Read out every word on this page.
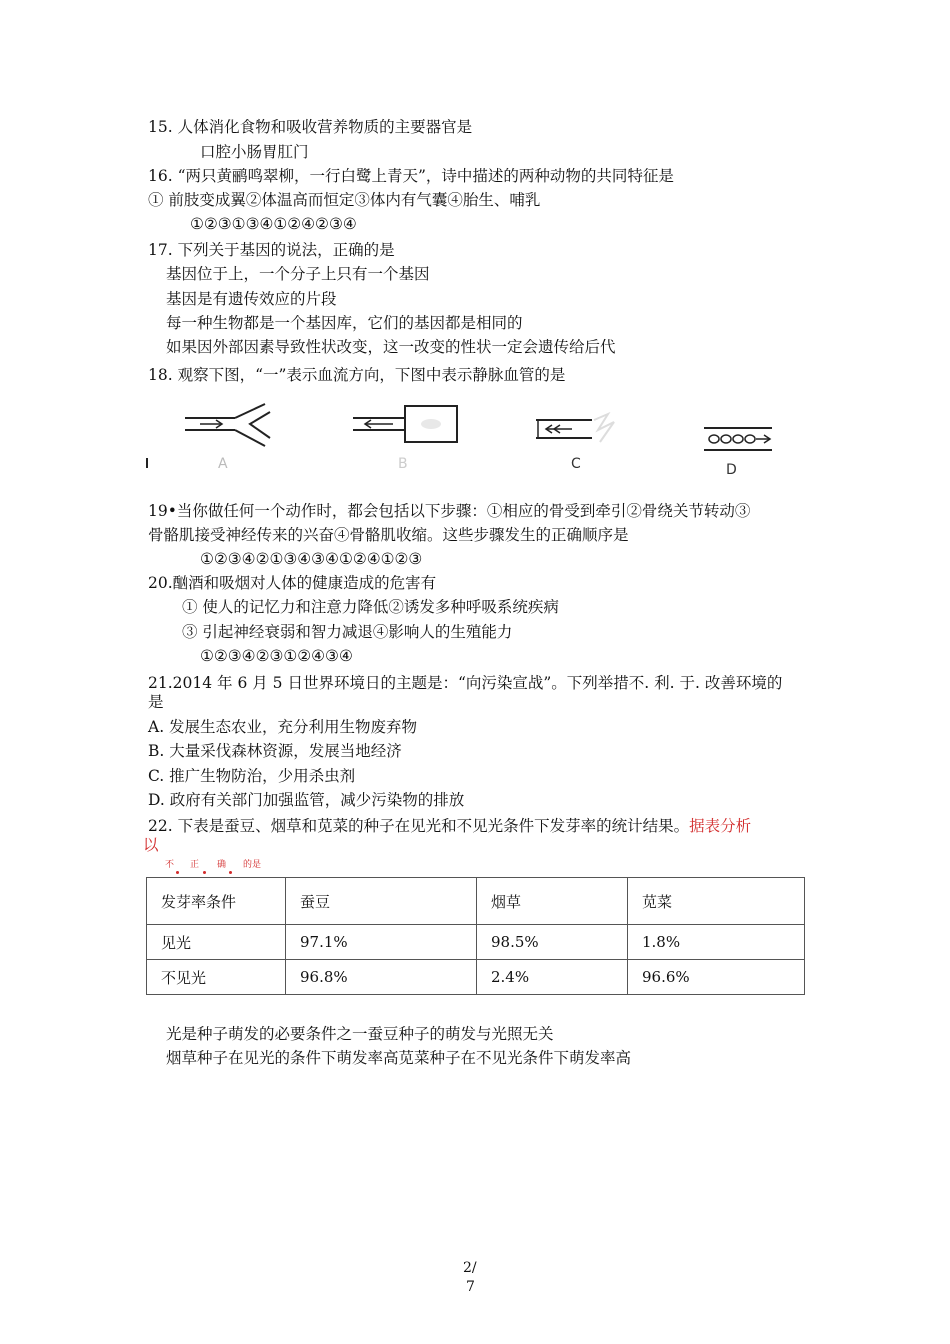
15. 人体消化食物和吸收营养物质的主要器官是
口腔小肠胃肛门
16. “两只黄鹂鸣翠柳，一行白鹭上青天”，诗中描述的两种动物的共同特征是
① 前肢变成翼②体温高而恒定③体内有气囊④胎生、哺乳
①②③①③④①②④②③④
17. 下列关于基因的说法，正确的是
基因位于上，一个分子上只有一个基因
基因是有遗传效应的片段
每一种生物都是一个基因库，它们的基因都是相同的
如果因外部因素导致性状改变，这一改变的性状一定会遗传给后代
18. 观察下图，“一”表示血流方向，下图中表示静脉血管的是
A	B	C	D
19•当你做任何一个动作时，都会包括以下步骤：①相应的骨受到牵引②骨绕关节转动③
骨骼肌接受神经传来的兴奋④骨骼肌收缩。这些步骤发生的正确顺序是
①②③④②①③④③④①②④①②③
20.酗酒和吸烟对人体的健康造成的危害有
① 使人的记忆力和注意力降低②诱发多种呼吸系统疾病
③ 引起神经衰弱和智力减退④影响人的生殖能力
①②③④②③①②④③④
21.2014 年 6 月 5 日世界环境日的主题是：“向污染宣战”。下列举措不. 利. 于. 改善环境的
是
A. 发展生态农业，充分利用生物废弃物
B. 大量采伐森林资源，发展当地经济
C. 推广生物防治，少用杀虫剂
D. 政府有关部门加强监管，减少污染物的排放
22. 下表是蚕豆、烟草和苋菜的种子在见光和不见光条件下发芽率的统计结果。据表分析
以
不 正 确 的是
发芽率条件	蚕豆	烟草	苋菜
见光	97.1%	98.5%	1.8%
不见光	96.8%	2.4%	96.6%
光是种子萌发的必要条件之一蚕豆种子的萌发与光照无关
烟草种子在见光的条件下萌发率高苋菜种子在不见光条件下萌发率高
2/
7
